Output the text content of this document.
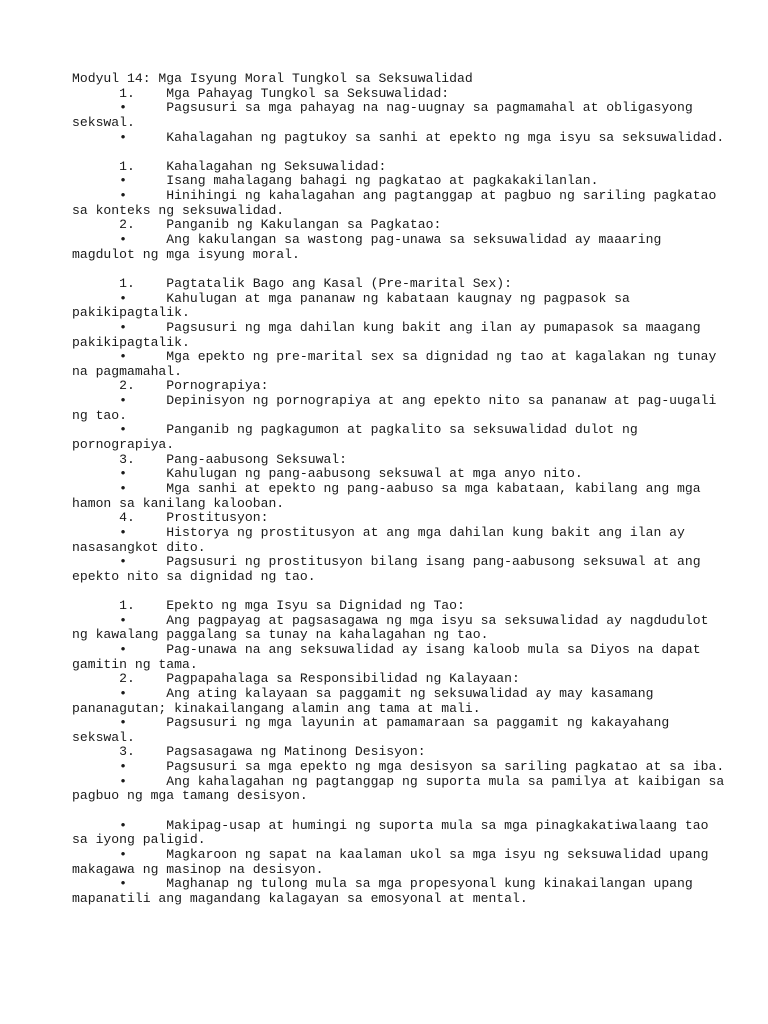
Modyul 14: Mga Isyung Moral Tungkol sa Seksuwalidad
1.    Mga Pahayag Tungkol sa Seksuwalidad:
•     Pagsusuri sa mga pahayag na nag-uugnay sa pagmamahal at obligasyong
sekswal.
•     Kahalagahan ng pagtukoy sa sanhi at epekto ng mga isyu sa seksuwalidad.
1.    Kahalagahan ng Seksuwalidad:
•     Isang mahalagang bahagi ng pagkatao at pagkakakilanlan.
•     Hinihingi ng kahalagahan ang pagtanggap at pagbuo ng sariling pagkatao
sa konteks ng seksuwalidad.
2.    Panganib ng Kakulangan sa Pagkatao:
•     Ang kakulangan sa wastong pag-unawa sa seksuwalidad ay maaaring
magdulot ng mga isyung moral.
1.    Pagtatalik Bago ang Kasal (Pre-marital Sex):
•     Kahulugan at mga pananaw ng kabataan kaugnay ng pagpasok sa
pakikipagtalik.
•     Pagsusuri ng mga dahilan kung bakit ang ilan ay pumapasok sa maagang
pakikipagtalik.
•     Mga epekto ng pre-marital sex sa dignidad ng tao at kagalakan ng tunay
na pagmamahal.
2.    Pornograpiya:
•     Depinisyon ng pornograpiya at ang epekto nito sa pananaw at pag-uugali
ng tao.
•     Panganib ng pagkagumon at pagkalito sa seksuwalidad dulot ng
pornograpiya.
3.    Pang-aabusong Seksuwal:
•     Kahulugan ng pang-aabusong seksuwal at mga anyo nito.
•     Mga sanhi at epekto ng pang-aabuso sa mga kabataan, kabilang ang mga
hamon sa kanilang kalooban.
4.    Prostitusyon:
•     Historya ng prostitusyon at ang mga dahilan kung bakit ang ilan ay
nasasangkot dito.
•     Pagsusuri ng prostitusyon bilang isang pang-aabusong seksuwal at ang
epekto nito sa dignidad ng tao.
1.    Epekto ng mga Isyu sa Dignidad ng Tao:
•     Ang pagpayag at pagsasagawa ng mga isyu sa seksuwalidad ay nagdudulot
ng kawalang paggalang sa tunay na kahalagahan ng tao.
•     Pag-unawa na ang seksuwalidad ay isang kaloob mula sa Diyos na dapat
gamitin ng tama.
2.    Pagpapahalaga sa Responsibilidad ng Kalayaan:
•     Ang ating kalayaan sa paggamit ng seksuwalidad ay may kasamang
pananagutan; kinakailangang alamin ang tama at mali.
•     Pagsusuri ng mga layunin at pamamaraan sa paggamit ng kakayahang
sekswal.
3.    Pagsasagawa ng Matinong Desisyon:
•     Pagsusuri sa mga epekto ng mga desisyon sa sariling pagkatao at sa iba.
•     Ang kahalagahan ng pagtanggap ng suporta mula sa pamilya at kaibigan sa
pagbuo ng mga tamang desisyon.
•     Makipag-usap at humingi ng suporta mula sa mga pinagkakatiwalaang tao
sa iyong paligid.
•     Magkaroon ng sapat na kaalaman ukol sa mga isyu ng seksuwalidad upang
makagawa ng masinop na desisyon.
•     Maghanap ng tulong mula sa mga propesyonal kung kinakailangan upang
mapanatili ang magandang kalagayan sa emosyonal at mental.
